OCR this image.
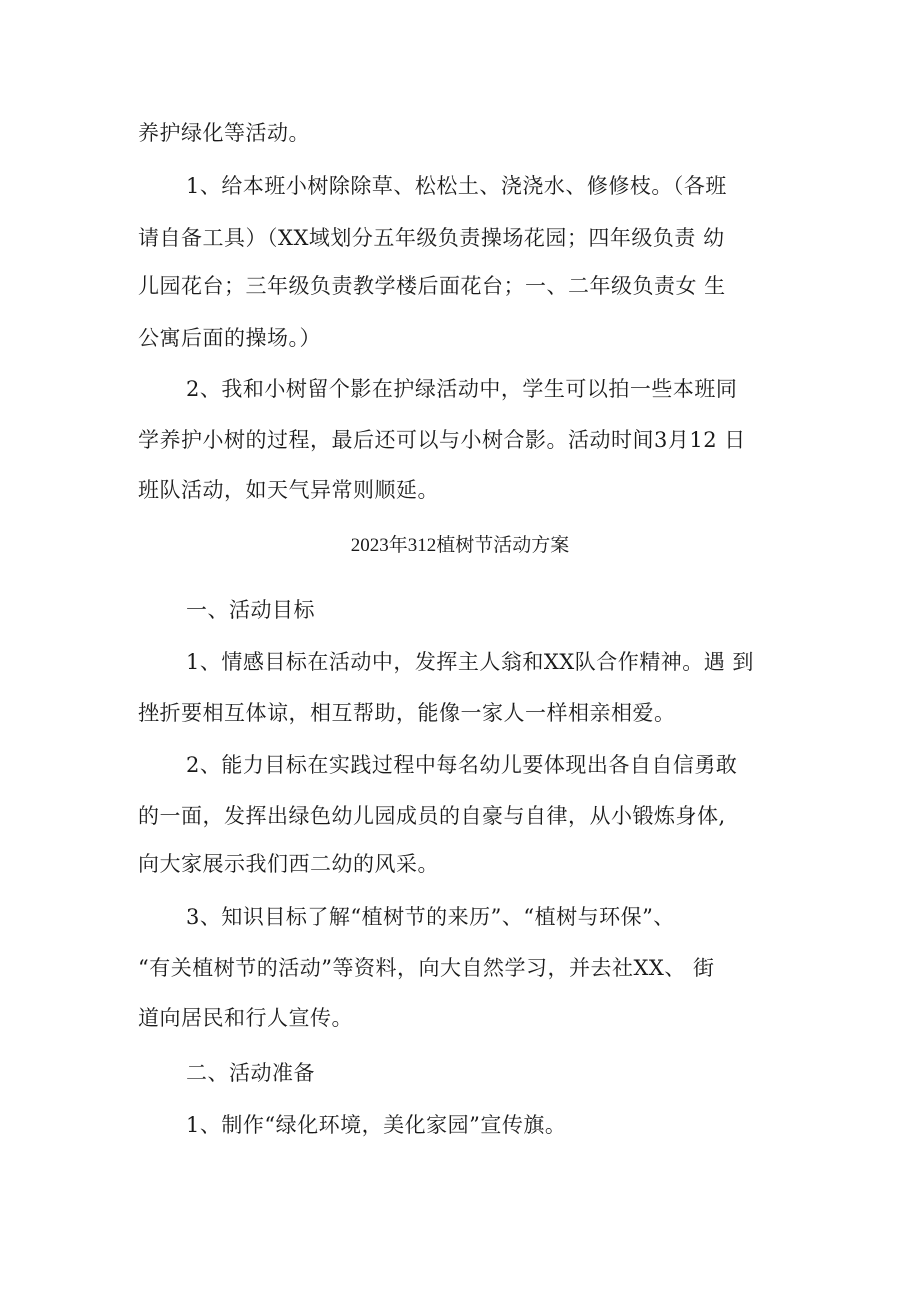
养护绿化等活动。
1、给本班小树除除草、松松土、浇浇水、修修枝。（各班
请自备工具）（XX域划分五年级负责操场花园；四年级负责 幼
儿园花台；三年级负责教学楼后面花台；一、二年级负责女 生
公寓后面的操场。）
2、我和小树留个影在护绿活动中，学生可以拍一些本班同
学养护小树的过程，最后还可以与小树合影。活动时间3月12 日
班队活动，如天气异常则顺延。
2023年312植树节活动方案
一、活动目标
1、情感目标在活动中，发挥主人翁和XX队合作精神。遇 到
挫折要相互体谅，相互帮助，能像一家人一样相亲相爱。
2、能力目标在实践过程中每名幼儿要体现出各自自信勇敢
的一面，发挥出绿色幼儿园成员的自豪与自律，从小锻炼身体,
向大家展示我们西二幼的风采。
3、知识目标了解“植树节的来历”、“植树与环保”、
“有关植树节的活动”等资料，向大自然学习，并去社XX、 街
道向居民和行人宣传。
二、活动准备
1、制作“绿化环境，美化家园”宣传旗。
